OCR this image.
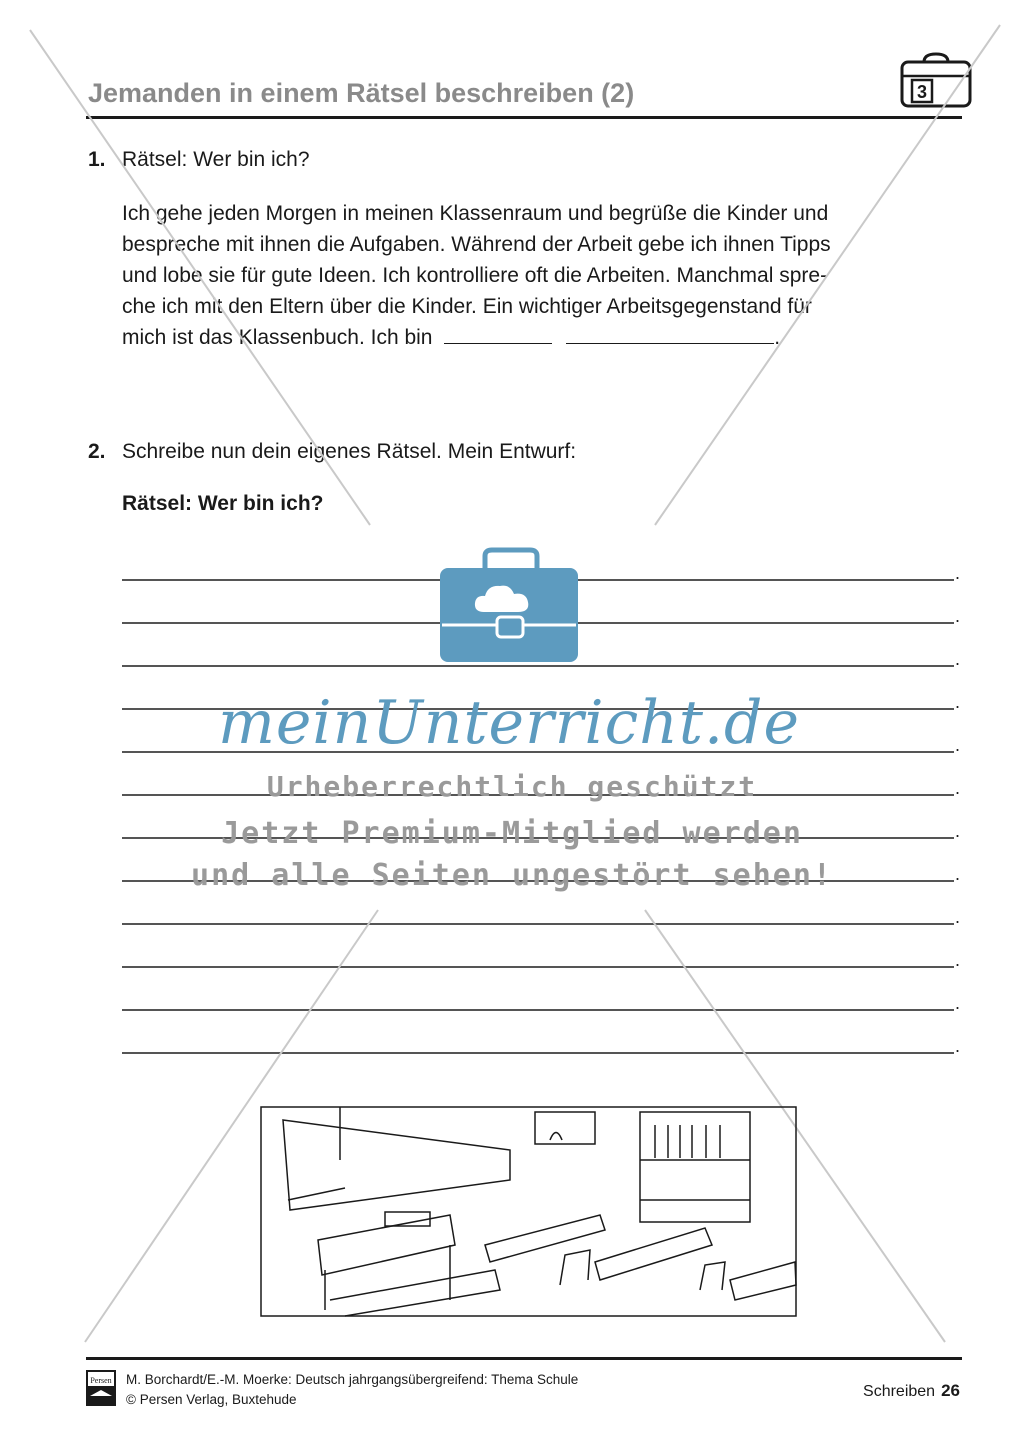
Jemanden in einem Rätsel beschreiben (2)	3
1. Rätsel: Wer bin ich?
Ich gehe jeden Morgen in meinen Klassenraum und begrüße die Kinder und
bespreche mit ihnen die Aufgaben. Während der Arbeit gebe ich ihnen Tipps
und lobe sie für gute Ideen. Ich kontrolliere oft die Arbeiten. Manchmal spre-
che ich mit den Eltern über die Kinder. Ein wichtiger Arbeitsgegenstand für
mich ist das Klassenbuch. Ich bin	.
2. Schreibe nun dein eigenes Rätsel. Mein Entwurf:
Rätsel: Wer bin ich?
.
.
.
.
.
.
.
.
.
.
.
.
meinUnterricht.de
Urheberrechtlich geschützt
Jetzt Premium-Mitglied werden
und alle Seiten ungestört sehen!
Persen M. Borchardt/E.-M. Moerke: Deutsch jahrgangsübergreifend: Thema Schule
© Persen Verlag, Buxtehude	Schreiben 26
